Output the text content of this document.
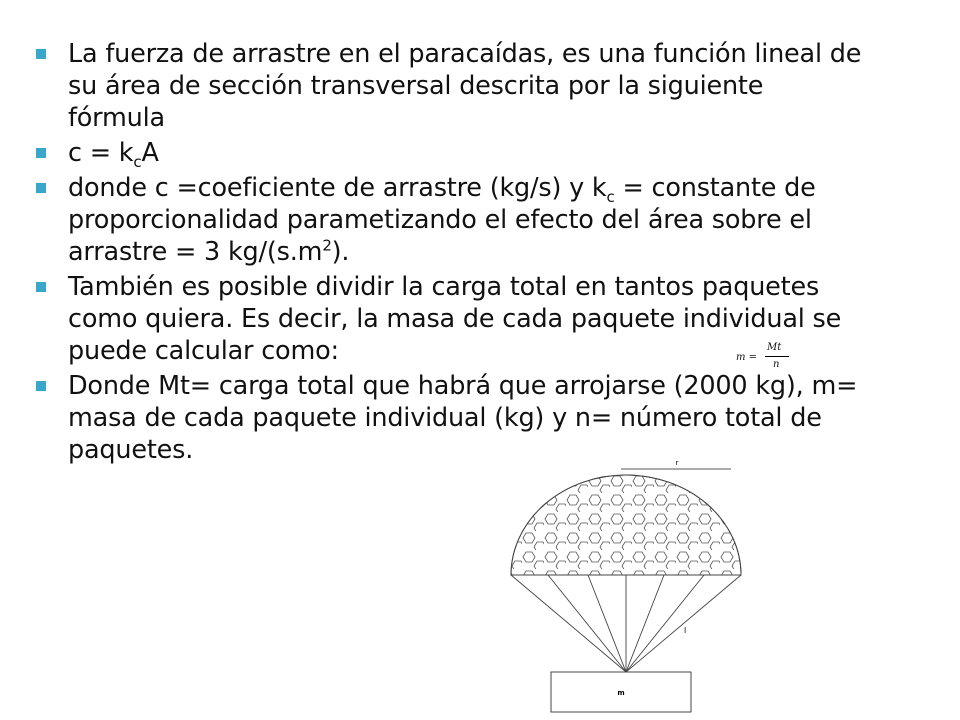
La fuerza de arrastre en el paracaídas, es una función lineal de su área de sección transversal descrita por la siguiente fórmula
$c = k_cA$
donde c =coeficiente de arrastre (kg/s) y $k_c$ = constante de proporcionalidad parametizando el efecto del área sobre el arrastre = 3 $kg/(s.m^2)$.
También es posible dividir la carga total en tantos paquetes como quiera. Es decir, la masa de cada paquete individual se puede calcular como:
Donde Mt= carga total que habrá que arrojarse (2000 kg), m= masa de cada paquete individual (kg) y n= número total de paquetes.
m =
Mt
n
r
l
m
